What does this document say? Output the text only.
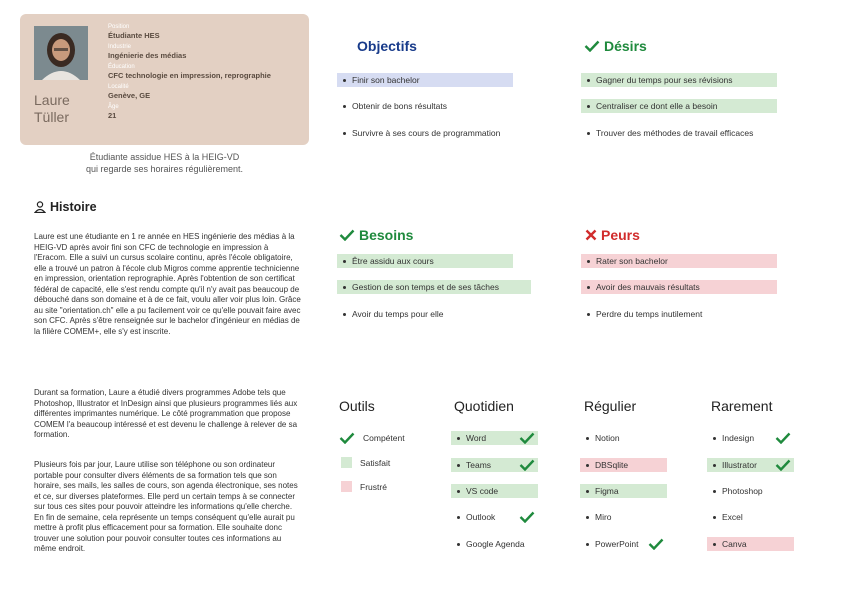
Laure
Tüller
Position
Étudiante HES
Industrie
Ingénierie des médias
Éducation
CFC technologie en impression, reprographie
Localité
Genève, GE
Âge
21
Étudiante assidue HES à la HEIG-VD
qui regarde ses horaires régulièrement.
Histoire
Laure est une étudiante en 1 re année en HES ingénierie des médias à la HEIG-VD après avoir fini son CFC de technologie en impression à l'Eracom. Elle a suivi un cursus scolaire continu, après l'école obligatoire, elle a trouvé un patron à l'école club Migros comme apprentie technicienne en impression, orientation reprographie. Après l'obtention de son certificat fédéral de capacité, elle s'est rendu compte qu'il n'y avait pas beaucoup de débouché dans son domaine et à de ce fait, voulu aller voir plus loin. Grâce au site "orientation.ch" elle a pu facilement voir ce qu'elle pouvait faire avec son CFC. Après s'être renseignée sur le bachelor d'ingénieur en médias de la filière COMEM+, elle s'y est inscrite.
Durant sa formation, Laure a étudié divers programmes Adobe tels que Photoshop, Illustrator et InDesign ainsi que plusieurs programmes liés aux différentes imprimantes numérique. Le côté programmation que propose COMEM l'a beaucoup intéressé et est devenu le challenge à relever de sa formation.
Plusieurs fois par jour, Laure utilise son téléphone ou son ordinateur portable pour consulter divers éléments de sa formation tels que son horaire, ses mails, les salles de cours, son agenda électronique, ses notes et ce, sur diverses plateformes. Elle perd un certain temps à se connecter sur tous ces sites pour pouvoir atteindre les informations qu'elle cherche. En fin de semaine, cela représente un temps conséquent qu'elle aurait pu mettre à profit plus efficacement pour sa formation. Elle souhaite donc trouver une solution pour pouvoir consulter toutes ces informations au même endroit.
Objectifs
Finir son bachelor
Obtenir de bons résultats
Survivre à ses cours de programmation
Désirs
Gagner du temps pour ses révisions
Centraliser ce dont elle a besoin
Trouver des méthodes de travail efficaces
Besoins
Être assidu aux cours
Gestion de son temps et de ses tâches
Avoir du temps pour elle
Peurs
Rater son bachelor
Avoir des mauvais résultats
Perdre du temps inutilement
Outils
Compétent
Satisfait
Frustré
Quotidien	Régulier	Rarement
Word
Teams
VS code
Outlook
Google Agenda
Notion
DBSqlite
Figma
Miro
PowerPoint
Indesign
Illustrator
Photoshop
Excel
Canva
